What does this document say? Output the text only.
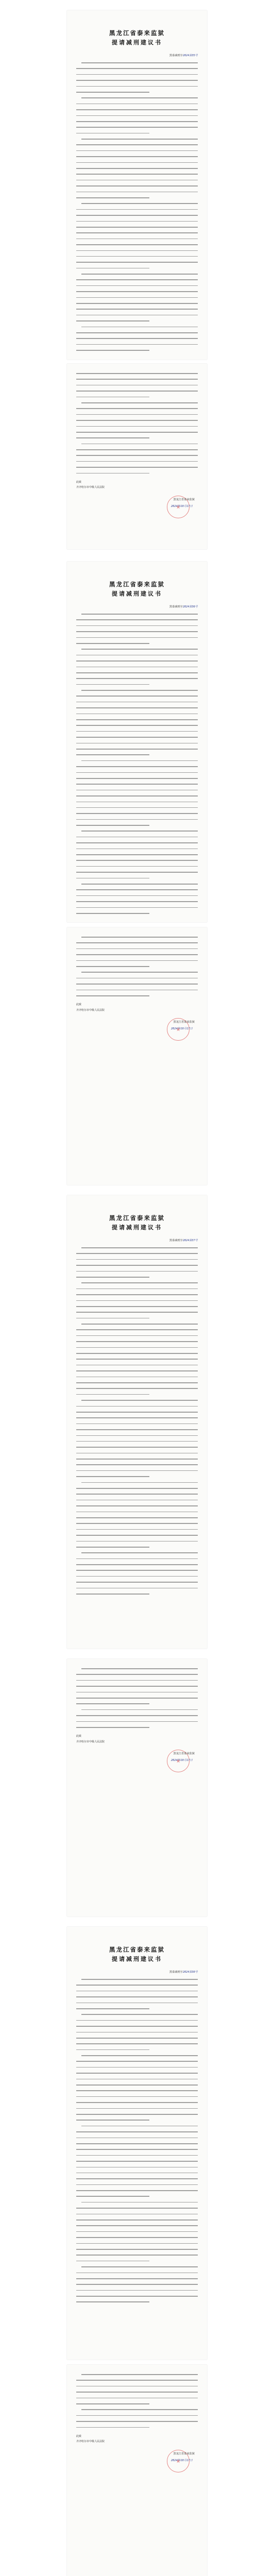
黑龙江省泰来监狱
提请减刑建议书
黑泰减刑字2024第35号
此致
齐齐哈尔市中级人民法院
★
黑龙江省泰来监狱
2024年10月17日
黑龙江省泰来监狱
提请减刑建议书
黑泰减刑字2024第36号
此致
齐齐哈尔市中级人民法院
★
黑龙江省泰来监狱
2024年10月17日
黑龙江省泰来监狱
提请减刑建议书
黑泰减刑字2024第37号
此致
齐齐哈尔市中级人民法院
★
黑龙江省泰来监狱
2024年10月17日
黑龙江省泰来监狱
提请减刑建议书
黑泰减刑字2024第38号
此致
齐齐哈尔市中级人民法院
★
黑龙江省泰来监狱
2024年10月17日
